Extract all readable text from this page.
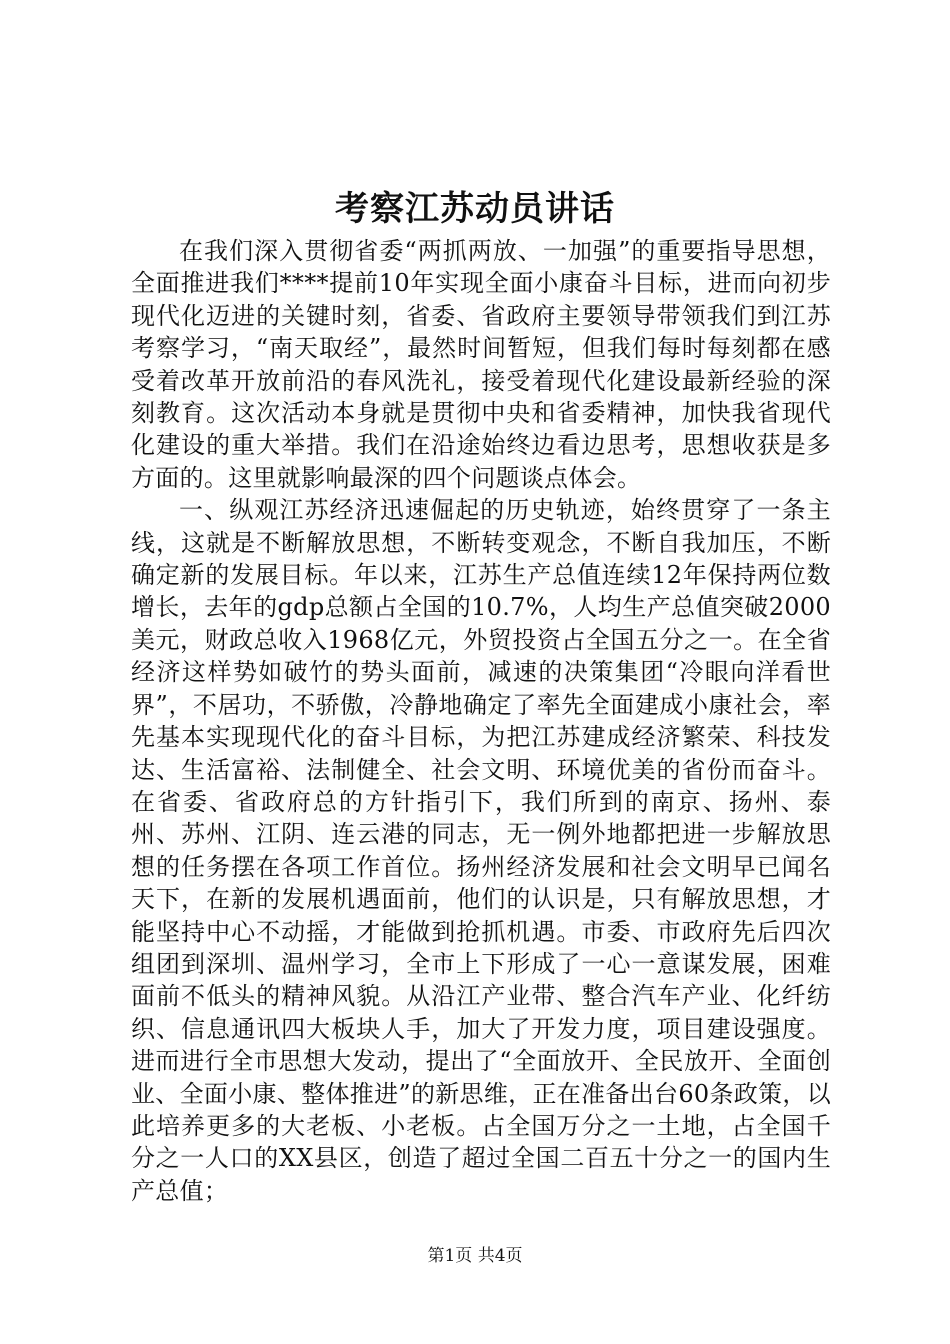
考察江苏动员讲话

在我们深入贯彻省委“两抓两放、一加强”的重要指导思想，全面推进我们****提前10年实现全面小康奋斗目标，进而向初步现代化迈进的关键时刻，省委、省政府主要领导带领我们到江苏考察学习，“南天取经”，最然时间暂短，但我们每时每刻都在感受着改革开放前沿的春风洗礼，接受着现代化建设最新经验的深刻教育。这次活动本身就是贯彻中央和省委精神，加快我省现代化建设的重大举措。我们在沿途始终边看边思考，思想收获是多方面的。这里就影响最深的四个问题谈点体会。

一、纵观江苏经济迅速倔起的历史轨迹，始终贯穿了一条主线，这就是不断解放思想，不断转变观念，不断自我加压，不断确定新的发展目标。年以来，江苏生产总值连续12年保持两位数增长，去年的gdp总额占全国的10.7%，人均生产总值突破2000美元，财政总收入1968亿元，外贸投资占全国五分之一。在全省经济这样势如破竹的势头面前，减速的决策集团“冷眼向洋看世界”，不居功，不骄傲，冷静地确定了率先全面建成小康社会，率先基本实现现代化的奋斗目标，为把江苏建成经济繁荣、科技发达、生活富裕、法制健全、社会文明、环境优美的省份而奋斗。在省委、省政府总的方针指引下，我们所到的南京、扬州、泰州、苏州、江阴、连云港的同志，无一例外地都把进一步解放思想的任务摆在各项工作首位。扬州经济发展和社会文明早已闻名天下，在新的发展机遇面前，他们的认识是，只有解放思想，才能坚持中心不动摇，才能做到抢抓机遇。市委、市政府先后四次组团到深圳、温州学习，全市上下形成了一心一意谋发展，困难面前不低头的精神风貌。从沿江产业带、整合汽车产业、化纤纺织、信息通讯四大板块人手，加大了开发力度，项目建设强度。进而进行全市思想大发动，提出了“全面放开、全民放开、全面创业、全面小康、整体推进”的新思维，正在准备出台60条政策，以此培养更多的大老板、小老板。占全国万分之一土地，占全国千分之一人口的XX县区，创造了超过全国二百五十分之一的国内生产总值；

第1页 共4页
